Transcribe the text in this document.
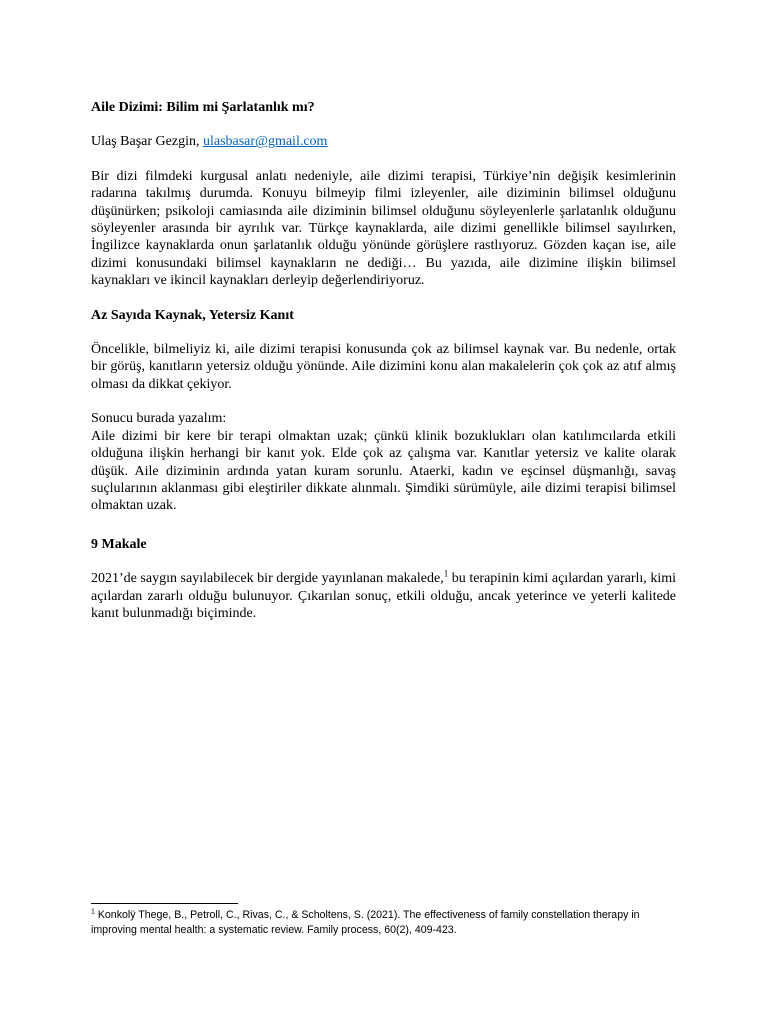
Aile Dizimi: Bilim mi Şarlatanlık mı?

Ulaş Başar Gezgin, ulasbasar@gmail.com

Bir dizi filmdeki kurgusal anlatı nedeniyle, aile dizimi terapisi, Türkiye’nin değişik kesimlerinin radarına takılmış durumda. Konuyu bilmeyip filmi izleyenler, aile diziminin bilimsel olduğunu düşünürken; psikoloji camiasında aile diziminin bilimsel olduğunu söyleyenlerle şarlatanlık olduğunu söyleyenler arasında bir ayrılık var. Türkçe kaynaklarda, aile dizimi genellikle bilimsel sayılırken, İngilizce kaynaklarda onun şarlatanlık olduğu yönünde görüşlere rastlıyoruz. Gözden kaçan ise, aile dizimi konusundaki bilimsel kaynakların ne dediği… Bu yazıda, aile dizimine ilişkin bilimsel kaynakları ve ikincil kaynakları derleyip değerlendiriyoruz.

Az Sayıda Kaynak, Yetersiz Kanıt

Öncelikle, bilmeliyiz ki, aile dizimi terapisi konusunda çok az bilimsel kaynak var. Bu nedenle, ortak bir görüş, kanıtların yetersiz olduğu yönünde. Aile dizimini konu alan makalelerin çok çok az atıf almış olması da dikkat çekiyor.

Sonucu burada yazalım:
Aile dizimi bir kere bir terapi olmaktan uzak; çünkü klinik bozuklukları olan katılımcılarda etkili olduğuna ilişkin herhangi bir kanıt yok. Elde çok az çalışma var. Kanıtlar yetersiz ve kalite olarak düşük. Aile diziminin ardında yatan kuram sorunlu. Ataerki, kadın ve eşcinsel düşmanlığı, savaş suçlularının aklanması gibi eleştiriler dikkate alınmalı. Şimdiki sürümüyle, aile dizimi terapisi bilimsel olmaktan uzak.

9 Makale

2021’de saygın sayılabilecek bir dergide yayınlanan makalede,$^1$ bu terapinin kimi açılardan yararlı, kimi açılardan zararlı olduğu bulunuyor. Çıkarılan sonuç, etkili olduğu, ancak yeterince ve yeterli kalitede kanıt bulunmadığı biçiminde.

$^1$ Konkolÿ Thege, B., Petroll, C., Rivas, C., & Scholtens, S. (2021). The effectiveness of family constellation therapy in improving mental health: a systematic review. Family process, 60(2), 409-423.
